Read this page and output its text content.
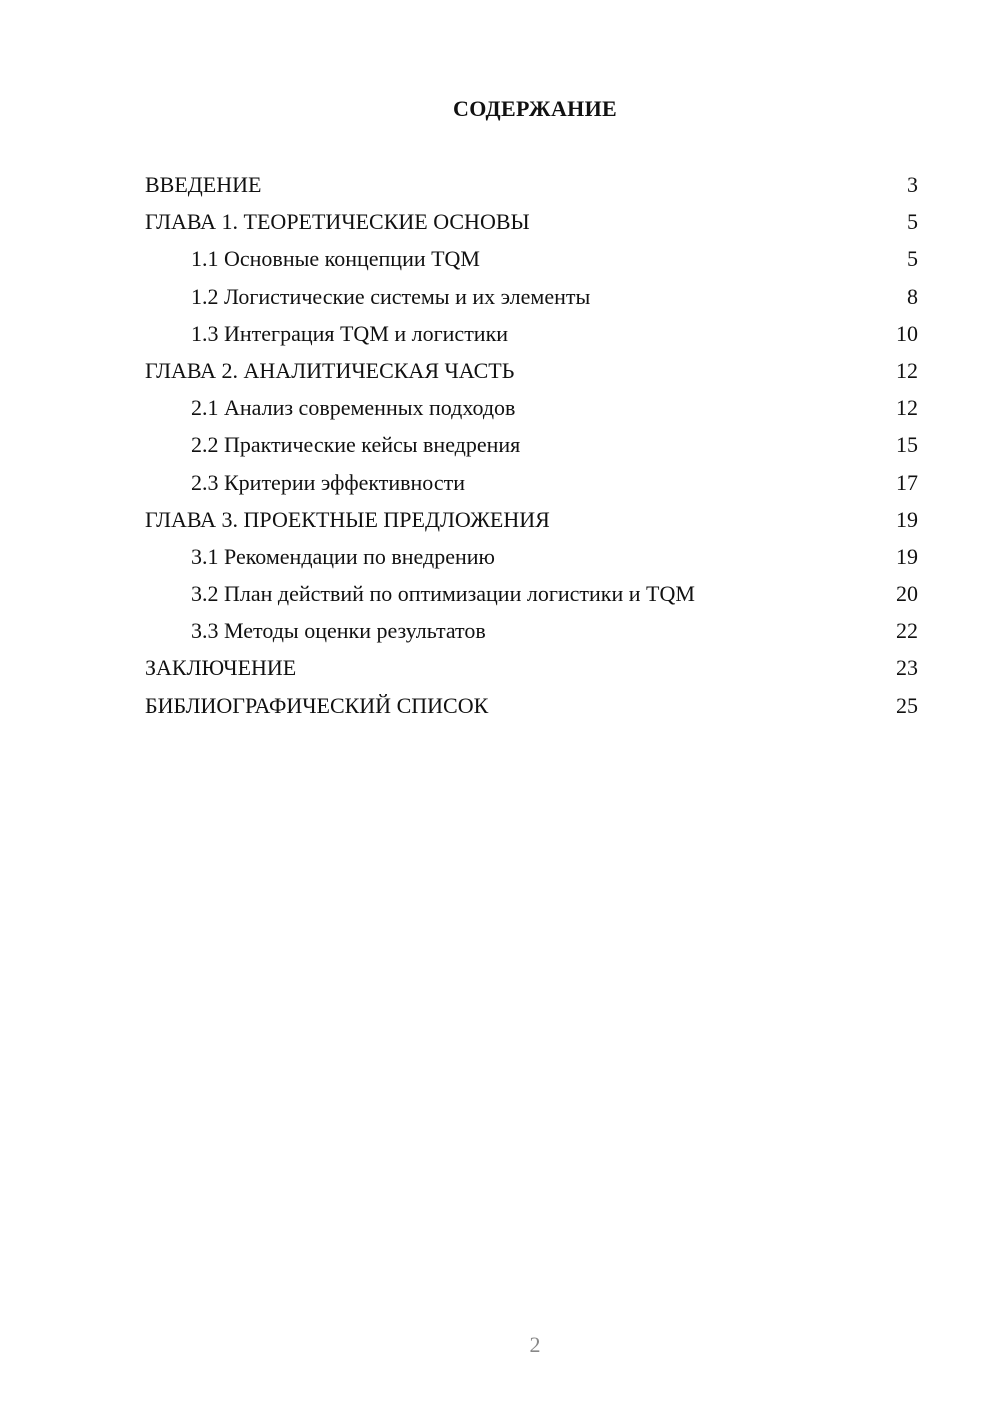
СОДЕРЖАНИЕ
ВВЕДЕНИЕ	3
ГЛАВА 1. ТЕОРЕТИЧЕСКИЕ ОСНОВЫ	5
1.1 Основные концепции TQM	5
1.2 Логистические системы и их элементы	8
1.3 Интеграция TQM и логистики	10
ГЛАВА 2. АНАЛИТИЧЕСКАЯ ЧАСТЬ	12
2.1 Анализ современных подходов	12
2.2 Практические кейсы внедрения	15
2.3 Критерии эффективности	17
ГЛАВА 3. ПРОЕКТНЫЕ ПРЕДЛОЖЕНИЯ	19
3.1 Рекомендации по внедрению	19
3.2 План действий по оптимизации логистики и TQM	20
3.3 Методы оценки результатов	22
ЗАКЛЮЧЕНИЕ	23
БИБЛИОГРАФИЧЕСКИЙ СПИСОК	25
2
